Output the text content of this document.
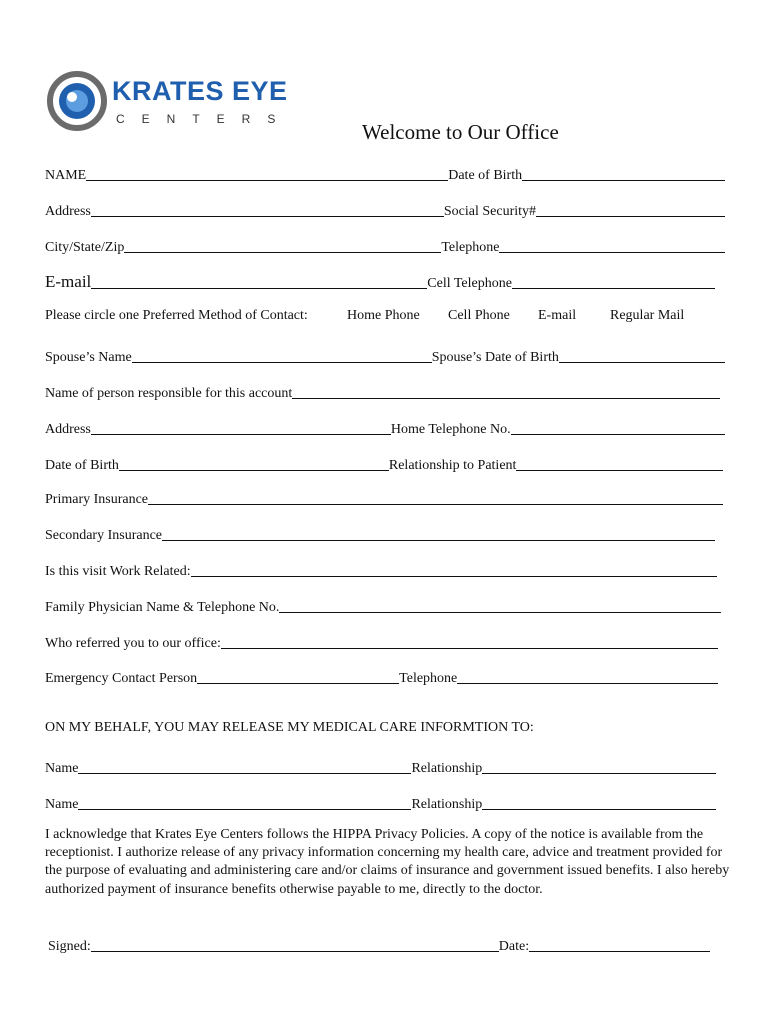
KRATES EYE
CENTERS
Welcome to Our Office
NAME	Date of Birth
Address	Social Security#
City/State/Zip	Telephone
E-mail	Cell Telephone
Please circle one Preferred Method of Contact:	Home Phone Cell Phone E-mail Regular Mail
Spouse’s Name	Spouse’s Date of Birth
Name of person responsible for this account
Address	Home Telephone No.
Date of Birth	Relationship to Patient
Primary Insurance
Secondary Insurance
Is this visit Work Related:
Family Physician Name & Telephone No.
Who referred you to our office:
Emergency Contact Person	Telephone
ON MY BEHALF, YOU MAY RELEASE MY MEDICAL CARE INFORMTION TO:
Name	Relationship
Name	Relationship
I acknowledge that Krates Eye Centers follows the HIPPA Privacy Policies. A copy of the notice is available from the receptionist. I authorize release of any privacy information concerning my health care, advice and treatment provided for the purpose of evaluating and administering care and/or claims of insurance and government issued benefits. I also hereby authorized payment of insurance benefits otherwise payable to me, directly to the doctor.
Signed:	Date:
